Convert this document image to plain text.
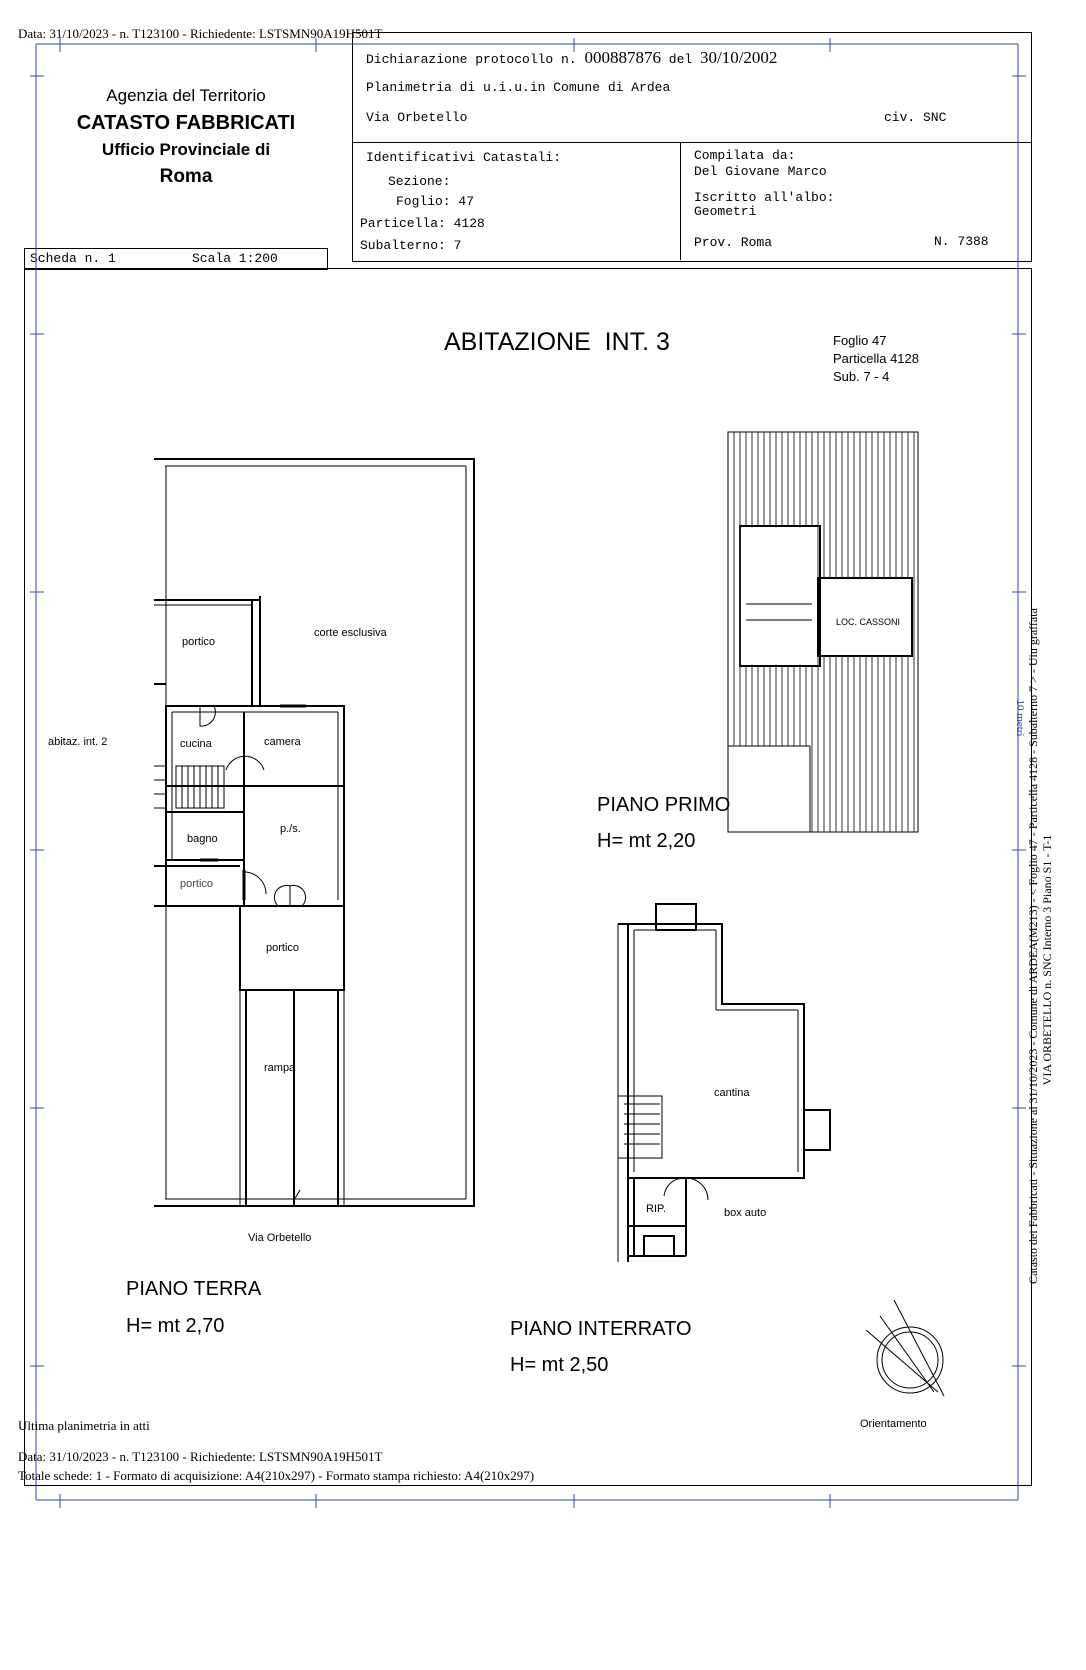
Data: 31/10/2023 - n. T123100 - Richiedente: LSTSMN90A19H501T
Agenzia del Territorio
CATASTO FABBRICATI
Ufficio Provinciale di
Roma
Dichiarazione protocollo n. 000887876 del 30/10/2002
Planimetria di u.i.u.in Comune di Ardea
Via Orbetello	civ. SNC
Identificativi Catastali:
Sezione:
Foglio: 47
Particella: 4128
Subalterno: 7
Compilata da:
Del Giovane Marco
Iscritto all'albo:
Geometri
Prov. Roma	N. 7388
Scheda n. 1	Scala 1:200
ABITAZIONE  INT. 3	Foglio 47
Particella 4128
Sub. 7 - 4
corte esclusiva
portico
abitaz. int. 2	cucina	camera
p./s.
bagno
portico
portico
rampa
Via Orbetello
LOC. CASSONI
cantina
RIP.	box auto
PIANO TERRA
H= mt 2,70
PIANO PRIMO
H= mt 2,20
PIANO INTERRATO
H= mt 2,50
Orientamento
10 metri Catasto dei Fabbricati - Situazione al 31/10/2023 - Comune di ARDEA(M213) - < Foglio 47 - Particella 4128 - Subalterno 7 > - Uiu graffata VIA ORBETELLO n. SNC Interno 3 Piano S1 - T-1
Ultima planimetria in atti
Data: 31/10/2023 - n. T123100 - Richiedente: LSTSMN90A19H501T
Totale schede: 1 - Formato di acquisizione: A4(210x297) - Formato stampa richiesto: A4(210x297)
